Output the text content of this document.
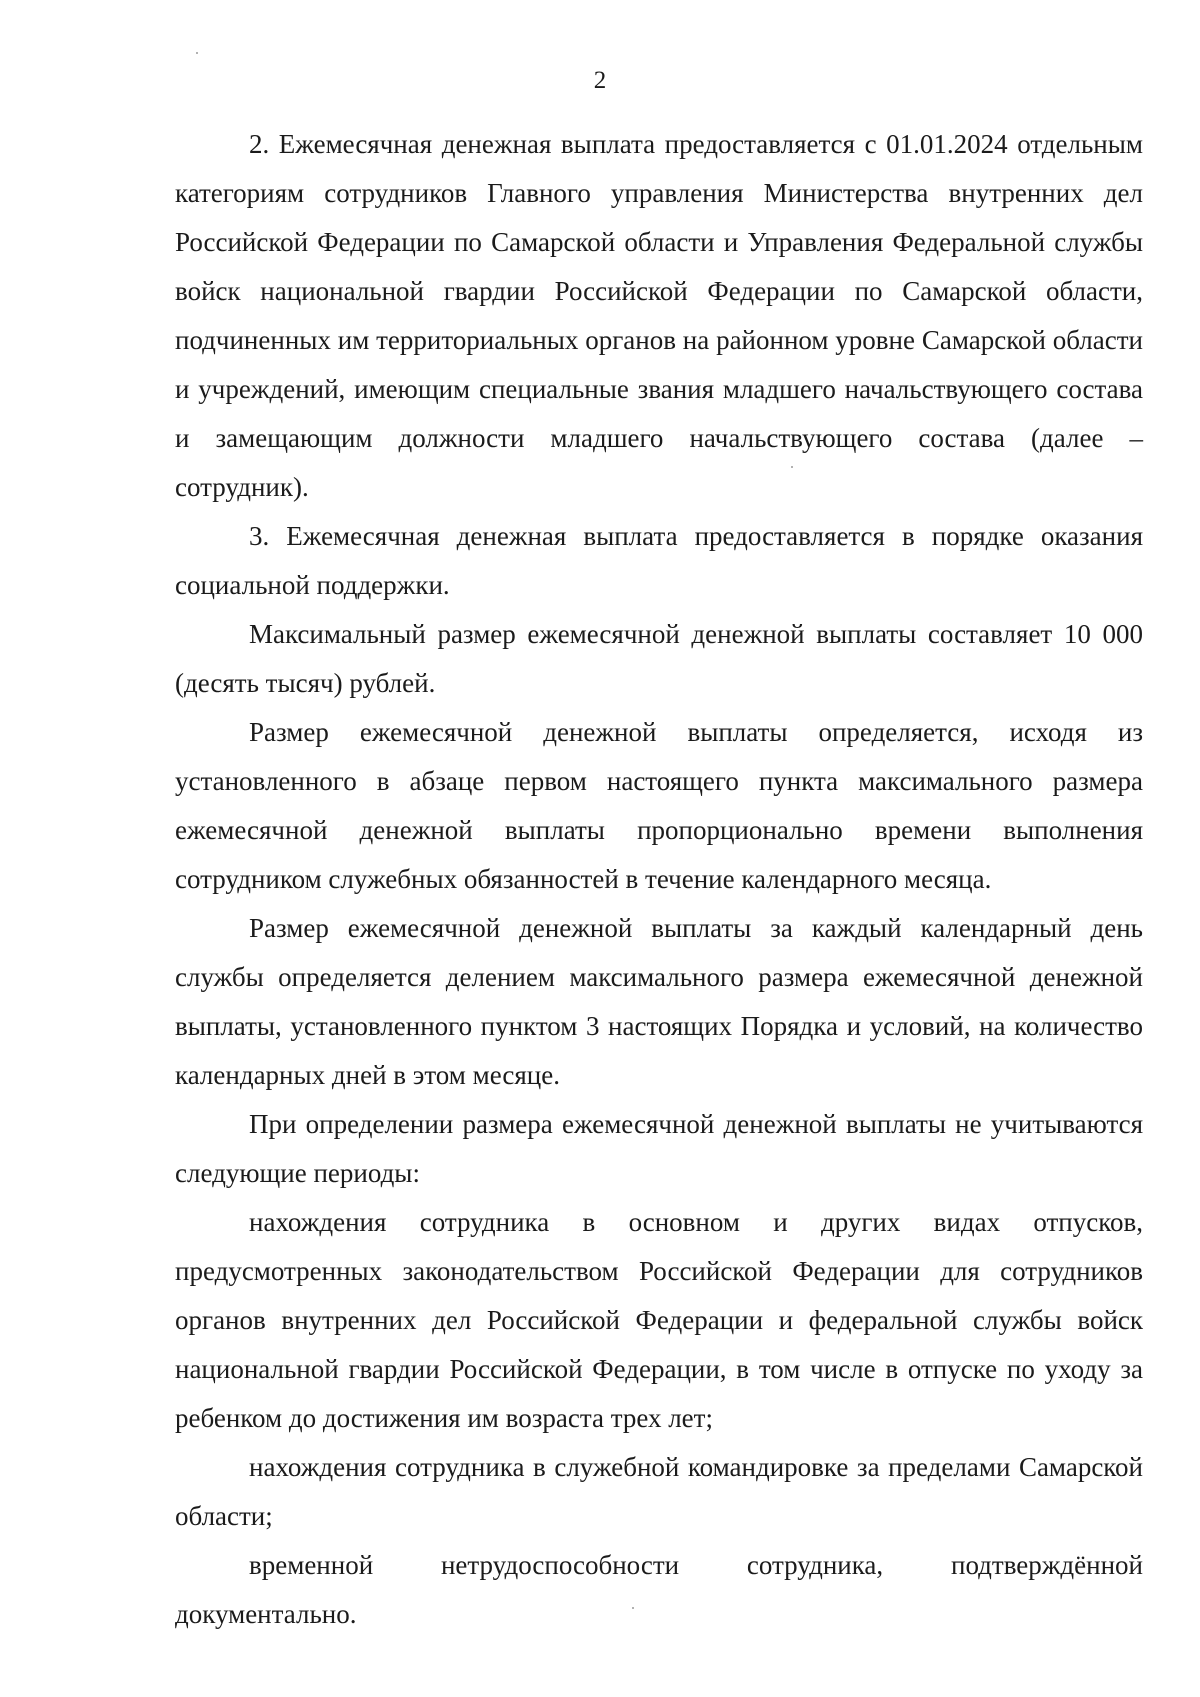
2

2. Ежемесячная денежная выплата предоставляется с 01.01.2024 отдельным категориям сотрудников Главного управления Министерства внутренних дел Российской Федерации по Самарской области и Управления Федеральной службы войск национальной гвардии Российской Федерации по Самарской области, подчиненных им территориальных органов на районном уровне Самарской области и учреждений, имеющим специальные звания младшего начальствующего состава и замещающим должности младшего начальствующего состава (далее – сотрудник).

3. Ежемесячная денежная выплата предоставляется в порядке оказания социальной поддержки.

Максимальный размер ежемесячной денежной выплаты составляет 10 000 (десять тысяч) рублей.

Размер ежемесячной денежной выплаты определяется, исходя из установленного в абзаце первом настоящего пункта максимального размера ежемесячной денежной выплаты пропорционально времени выполнения сотрудником служебных обязанностей в течение календарного месяца.

Размер ежемесячной денежной выплаты за каждый календарный день службы определяется делением максимального размера ежемесячной денежной выплаты, установленного пунктом 3 настоящих Порядка и условий, на количество календарных дней в этом месяце.

При определении размера ежемесячной денежной выплаты не учитываются следующие периоды:

нахождения сотрудника в основном и других видах отпусков, предусмотренных законодательством Российской Федерации для сотрудников органов внутренних дел Российской Федерации и федеральной службы войск национальной гвардии Российской Федерации, в том числе в отпуске по уходу за ребенком до достижения им возраста трех лет;

нахождения сотрудника в служебной командировке за пределами Самарской области;

временной нетрудоспособности сотрудника, подтверждённой документально.
